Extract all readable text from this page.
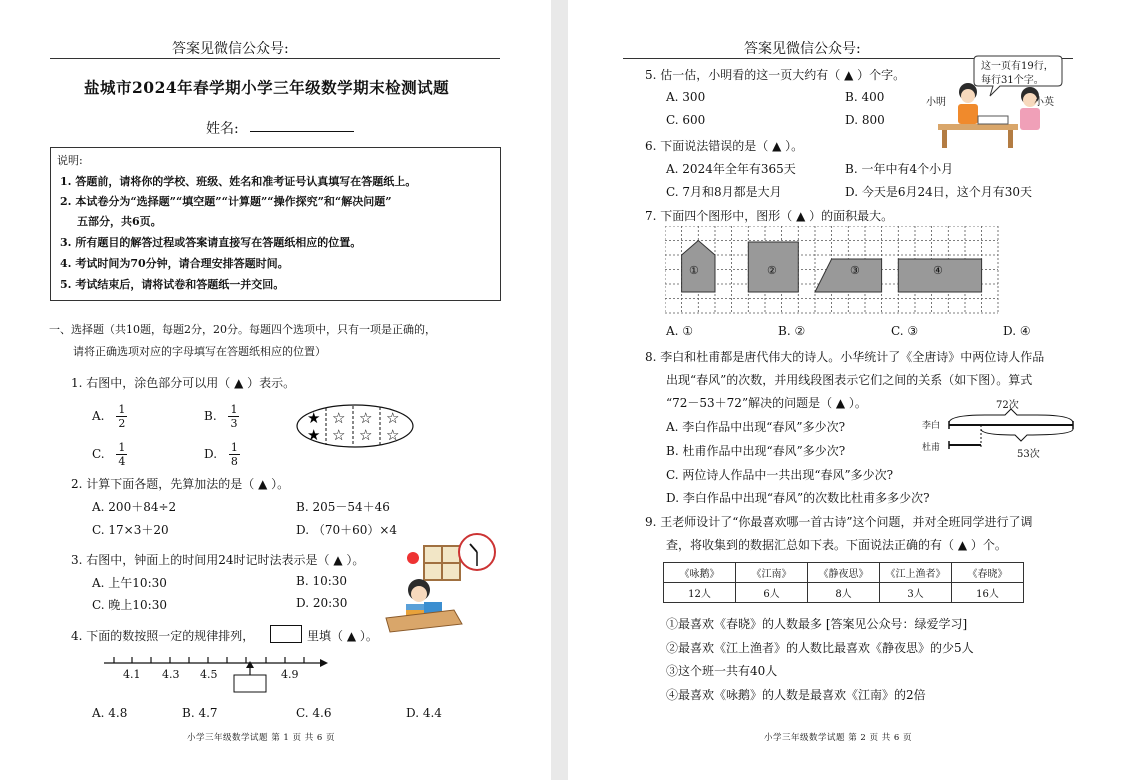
答案见微信公众号:
盐城市2024年春学期小学三年级数学期末检测试题
姓名:
说明:
1. 答题前，请将你的学校、班级、姓名和准考证号认真填写在答题纸上。
2. 本试卷分为“选择题”“填空题”“计算题”“操作探究”和“解决问题”
五部分，共6页。
3. 所有题目的解答过程或答案请直接写在答题纸相应的位置。
4. 考试时间为70分钟，请合理安排答题时间。
5. 考试结束后，请将试卷和答题纸一并交回。
一、选择题（共10题，每题2分，20分。每题四个选项中，只有一项是正确的，
请将正确选项对应的字母填写在答题纸相应的位置）
1. 右图中，涂色部分可以用（ ▲ ）表示。
A. $\frac{1}{2}$	B. $\frac{1}{3}$
C. $\frac{1}{4}$	D. $\frac{1}{8}$
★
★
☆
☆
☆
☆
☆
☆
2. 计算下面各题，先算加法的是（ ▲ ）。
A. 200＋84÷2	B. 205－54＋46
C. 17×3＋20	D. （70＋60）×4
3. 右图中，钟面上的时间用24时记时法表示是（ ▲ ）。
A. 上午10:30	B. 10:30
C. 晚上10:30	D. 20:30
4. 下面的数按照一定的规律排列，	里填（ ▲ ）。
4.1 4.3 4.5	4.9
A. 4.8	B. 4.7	C. 4.6	D. 4.4
小学三年级数学试题 第 1 页 共 6 页
答案见微信公众号:
5. 估一估，小明看的这一页大约有（ ▲ ）个字。
A. 300	B. 400
C. 600	D. 800
这一页有19行，
每行31个字。
小明	小英
6. 下面说法错误的是（ ▲ ）。
A. 2024年全年有365天	B. 一年中有4个小月
C. 7月和8月都是大月	D. 今天是6月24日，这个月有30天
7. 下面四个图形中，图形（ ▲ ）的面积最大。
①	②	③	④
A. ①	B. ②	C. ③	D. ④
8. 李白和杜甫都是唐代伟大的诗人。小华统计了《全唐诗》中两位诗人作品
出现“春风”的次数，并用线段图表示它们之间的关系（如下图）。算式
“72－53＋72”解决的问题是（ ▲ ）。
A. 李白作品中出现“春风”多少次?
B. 杜甫作品中出现“春风”多少次?
C. 两位诗人作品中一共出现“春风”多少次?
D. 李白作品中出现“春风”的次数比杜甫多多少次?
72次
53次
李白
杜甫
9. 王老师设计了“你最喜欢哪一首古诗”这个问题，并对全班同学进行了调
查，将收集到的数据汇总如下表。下面说法正确的有（ ▲ ）个。
《咏鹅》	《江南》	《静夜思》	《江上渔者》	《春晓》
12人	6人	8人	3人	16人
①最喜欢《春晓》的人数最多 [答案见公众号：绿爱学习]
②最喜欢《江上渔者》的人数比最喜欢《静夜思》的少5人
③这个班一共有40人
④最喜欢《咏鹅》的人数是最喜欢《江南》的2倍
小学三年级数学试题 第 2 页 共 6 页
